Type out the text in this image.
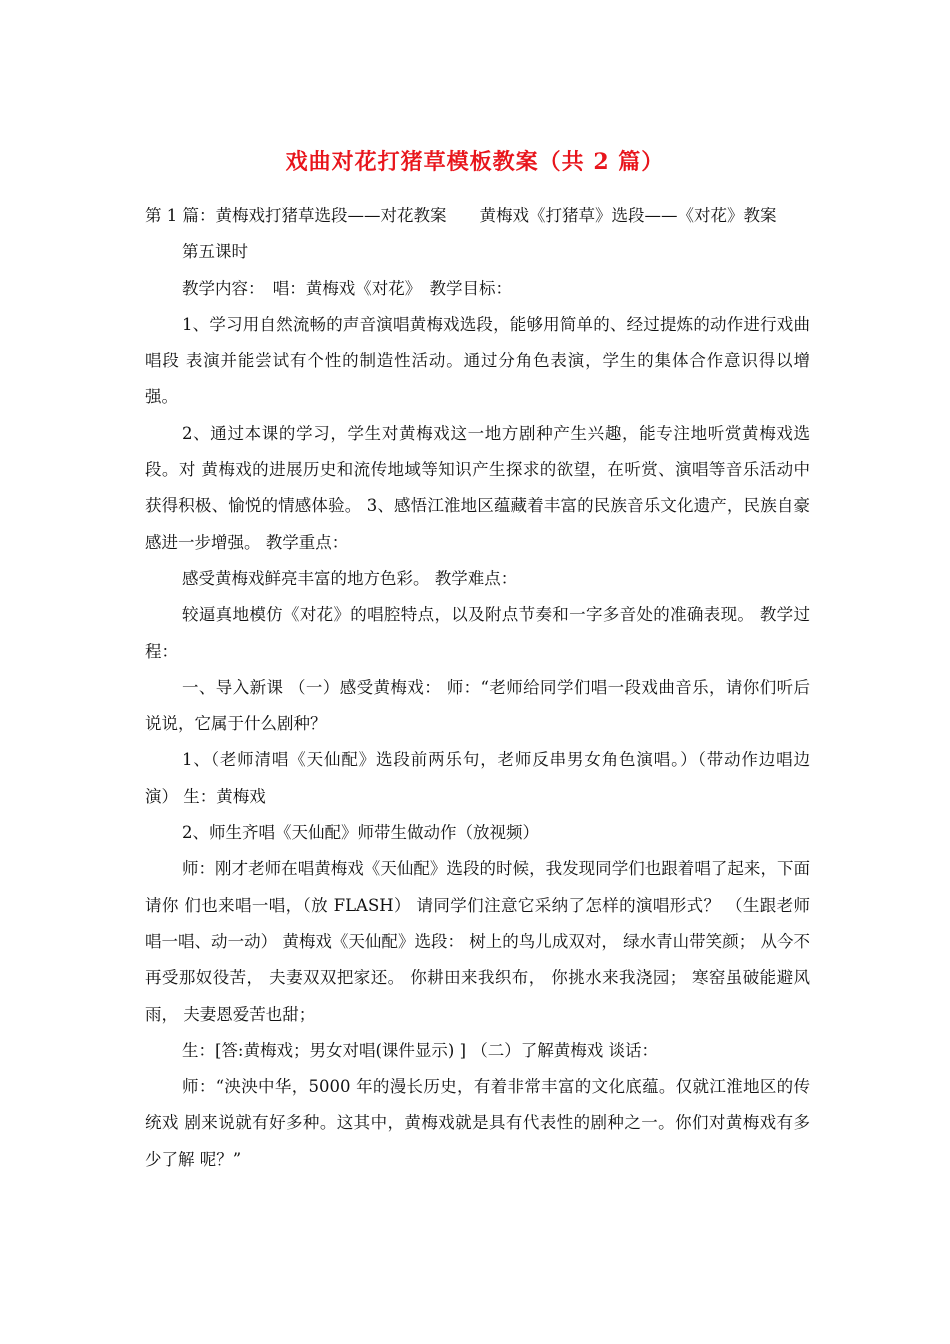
戏曲对花打猪草模板教案（共 2 篇）

第 1 篇：黄梅戏打猪草选段——对花教案　　黄梅戏《打猪草》选段——《对花》教案

第五课时

教学内容：　唱：黄梅戏《对花》　教学目标：

1、学习用自然流畅的声音演唱黄梅戏选段，能够用简单的、经过提炼的动作进行戏曲唱段 表演并能尝试有个性的制造性活动。通过分角色表演，学生的集体合作意识得以增强。

2、通过本课的学习，学生对黄梅戏这一地方剧种产生兴趣，能专注地听赏黄梅戏选段。对 黄梅戏的进展历史和流传地域等知识产生探求的欲望，在听赏、演唱等音乐活动中获得积极、愉悦的情感体验。 3、感悟江淮地区蕴藏着丰富的民族音乐文化遗产，民族自豪感进一步增强。 教学重点：

感受黄梅戏鲜亮丰富的地方色彩。 教学难点：

较逼真地模仿《对花》的唱腔特点，以及附点节奏和一字多音处的准确表现。 教学过程：

一、导入新课 （一）感受黄梅戏： 师：“老师给同学们唱一段戏曲音乐，请你们听后说说，它属于什么剧种？

1、（老师清唱《天仙配》选段前两乐句，老师反串男女角色演唱。）（带动作边唱边演） 生：黄梅戏

2、师生齐唱《天仙配》师带生做动作（放视频）

师：刚才老师在唱黄梅戏《天仙配》选段的时候，我发现同学们也跟着唱了起来，下面请你 们也来唱一唱，（放 FLASH） 请同学们注意它采纳了怎样的演唱形式？ （生跟老师唱一唱、动一动） 黄梅戏《天仙配》选段： 树上的鸟儿成双对， 绿水青山带笑颜； 从今不再受那奴役苦， 夫妻双双把家还。 你耕田来我织布， 你挑水来我浇园； 寒窑虽破能避风雨， 夫妻恩爱苦也甜；

生：[答:黄梅戏；男女对唱(课件显示) ] （二）了解黄梅戏 谈话：

师：“泱泱中华，5000 年的漫长历史，有着非常丰富的文化底蕴。仅就江淮地区的传统戏 剧来说就有好多种。这其中，黄梅戏就是具有代表性的剧种之一。你们对黄梅戏有多少了解 呢？”
